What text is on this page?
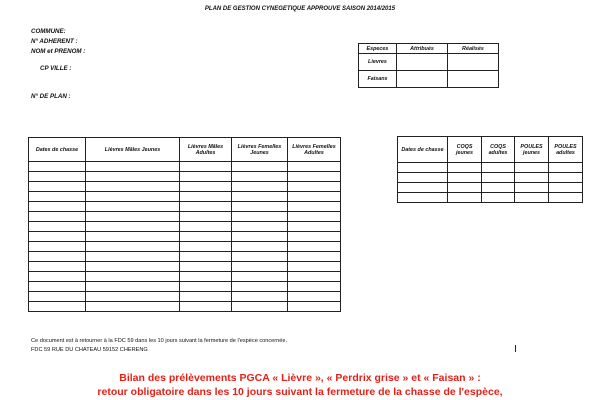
PLAN DE GESTION CYNEGETIQUE APPROUVE SAISON 2014/2015
COMMUNE:
N° ADHERENT :
NOM et PRENOM :
CP VILLE :
N° DE PLAN :
Especes	Attribués	Réalisés
Lievres		
Faisans		
Dates de chasse	Lièvres Mâles Jeunes	Lièvres Mâles Adultes	Lièvres Femelles Jeunes	Lièvres Femelles Adultes

					Dates de chasse	COQS jeunes	COQS adultes	POULES jeunes	POULES adultes

Ce document est à retourner à la FDC 59 dans les 10 jours suivant la fermeture de l'espèce concernée.
FDC 59 RUE DU CHATEAU 59152 CHERENG
Bilan des prélèvements PGCA « Lièvre », « Perdrix grise » et « Faisan » :
retour obligatoire dans les 10 jours suivant la fermeture de la chasse de l'espèce,
